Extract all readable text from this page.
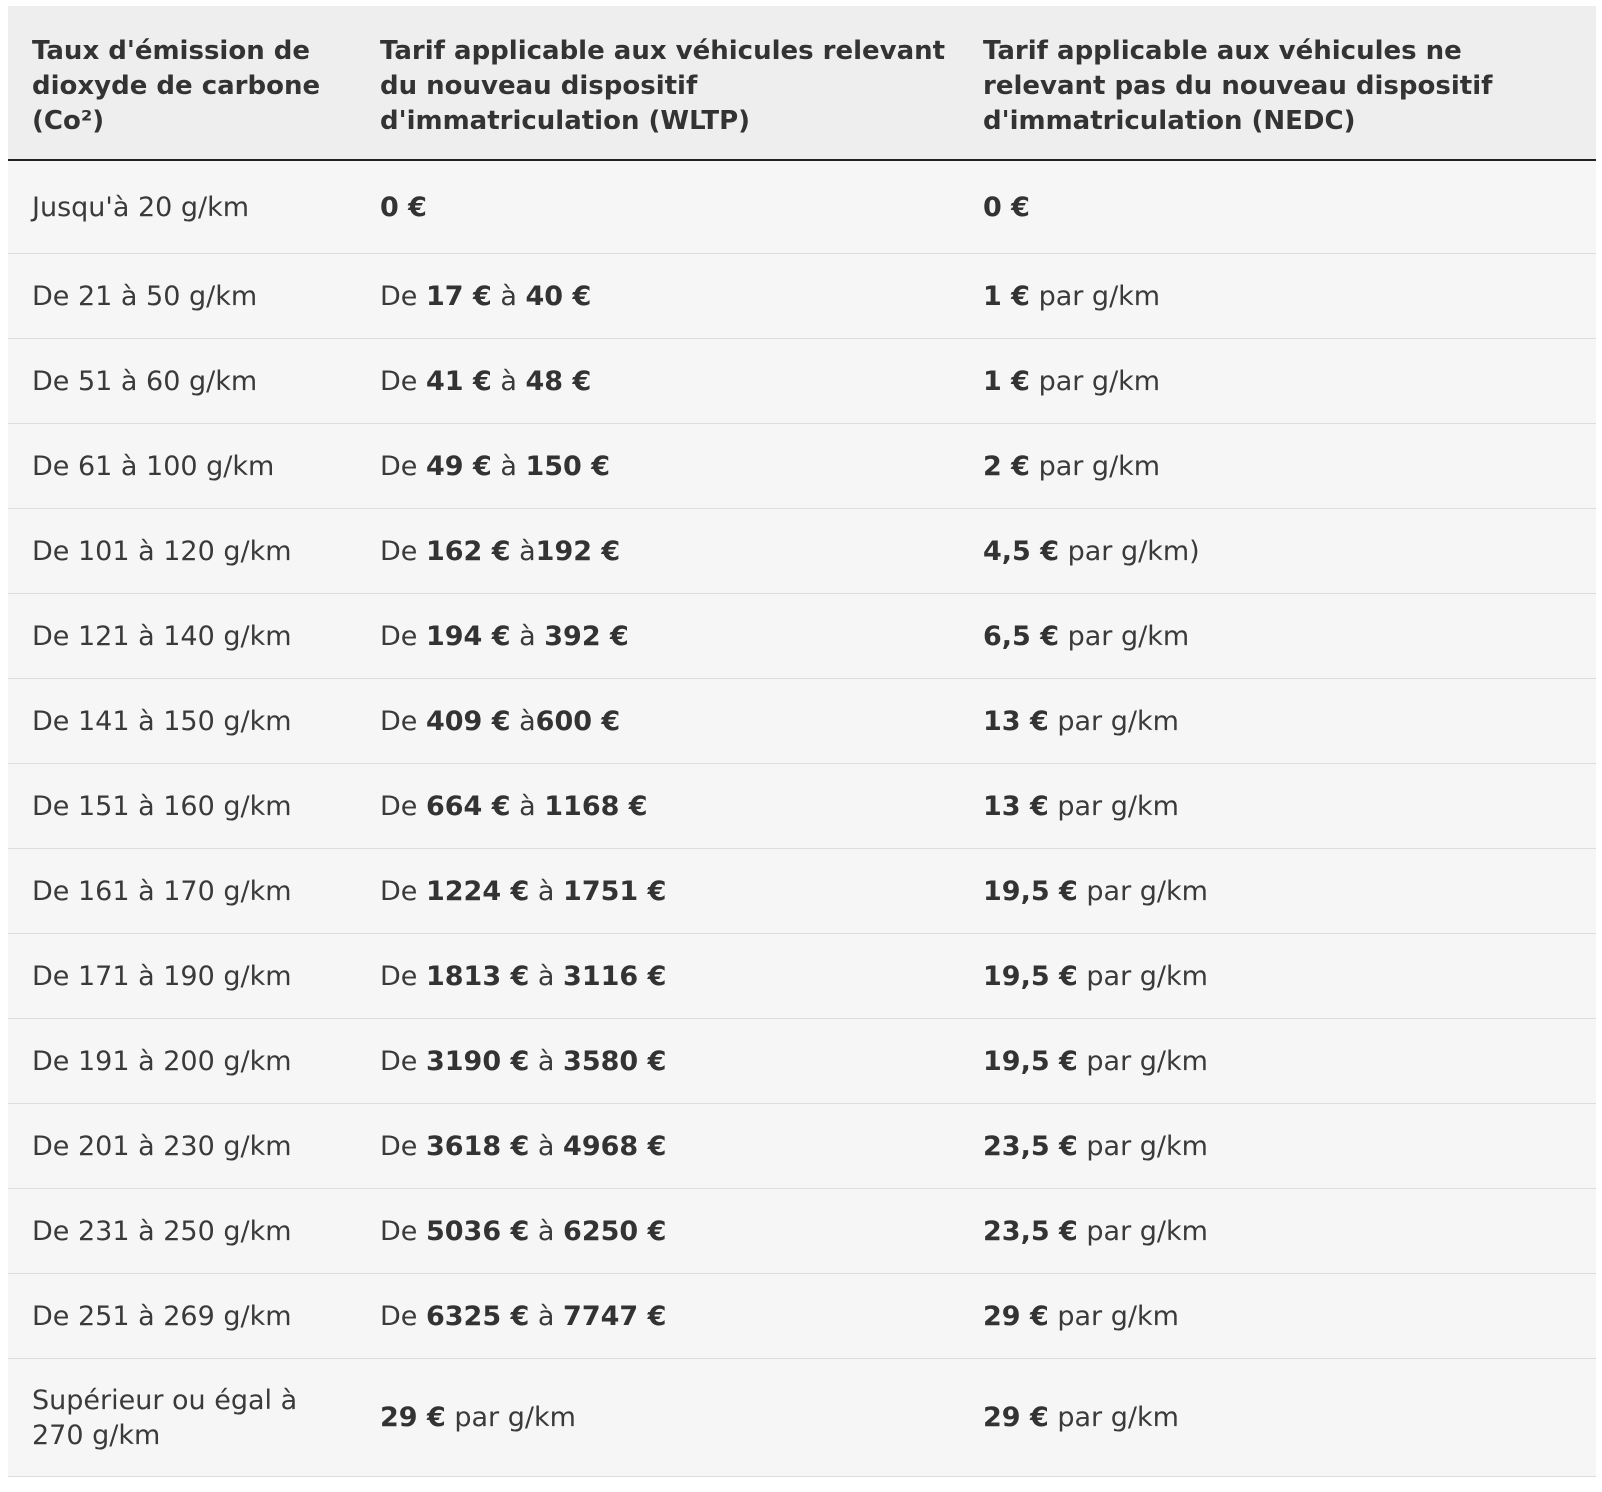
Taux d'émission de dioxyde de carbone (Co²)	Tarif applicable aux véhicules relevant du nouveau dispositif d'immatriculation (WLTP)	Tarif applicable aux véhicules ne relevant pas du nouveau dispositif d'immatriculation (NEDC)
Jusqu'à 20 g/km	0 €	0 €
De 21 à 50 g/km	De 17 € à 40 €	1 € par g/km
De 51 à 60 g/km	De 41 € à 48 €	1 € par g/km
De 61 à 100 g/km	De 49 € à 150 €	2 € par g/km
De 101 à 120 g/km	De 162 € à192 €	4,5 € par g/km)
De 121 à 140 g/km	De 194 € à 392 €	6,5 € par g/km
De 141 à 150 g/km	De 409 € à600 €	13 € par g/km
De 151 à 160 g/km	De 664 € à 1168 €	13 € par g/km
De 161 à 170 g/km	De 1224 € à 1751 €	19,5 € par g/km
De 171 à 190 g/km	De 1813 € à 3116 €	19,5 € par g/km
De 191 à 200 g/km	De 3190 € à 3580 €	19,5 € par g/km
De 201 à 230 g/km	De 3618 € à 4968 €	23,5 € par g/km
De 231 à 250 g/km	De 5036 € à 6250 €	23,5 € par g/km
De 251 à 269 g/km	De 6325 € à 7747 €	29 € par g/km
Supérieur ou égal à 270 g/km	29 € par g/km	29 € par g/km
